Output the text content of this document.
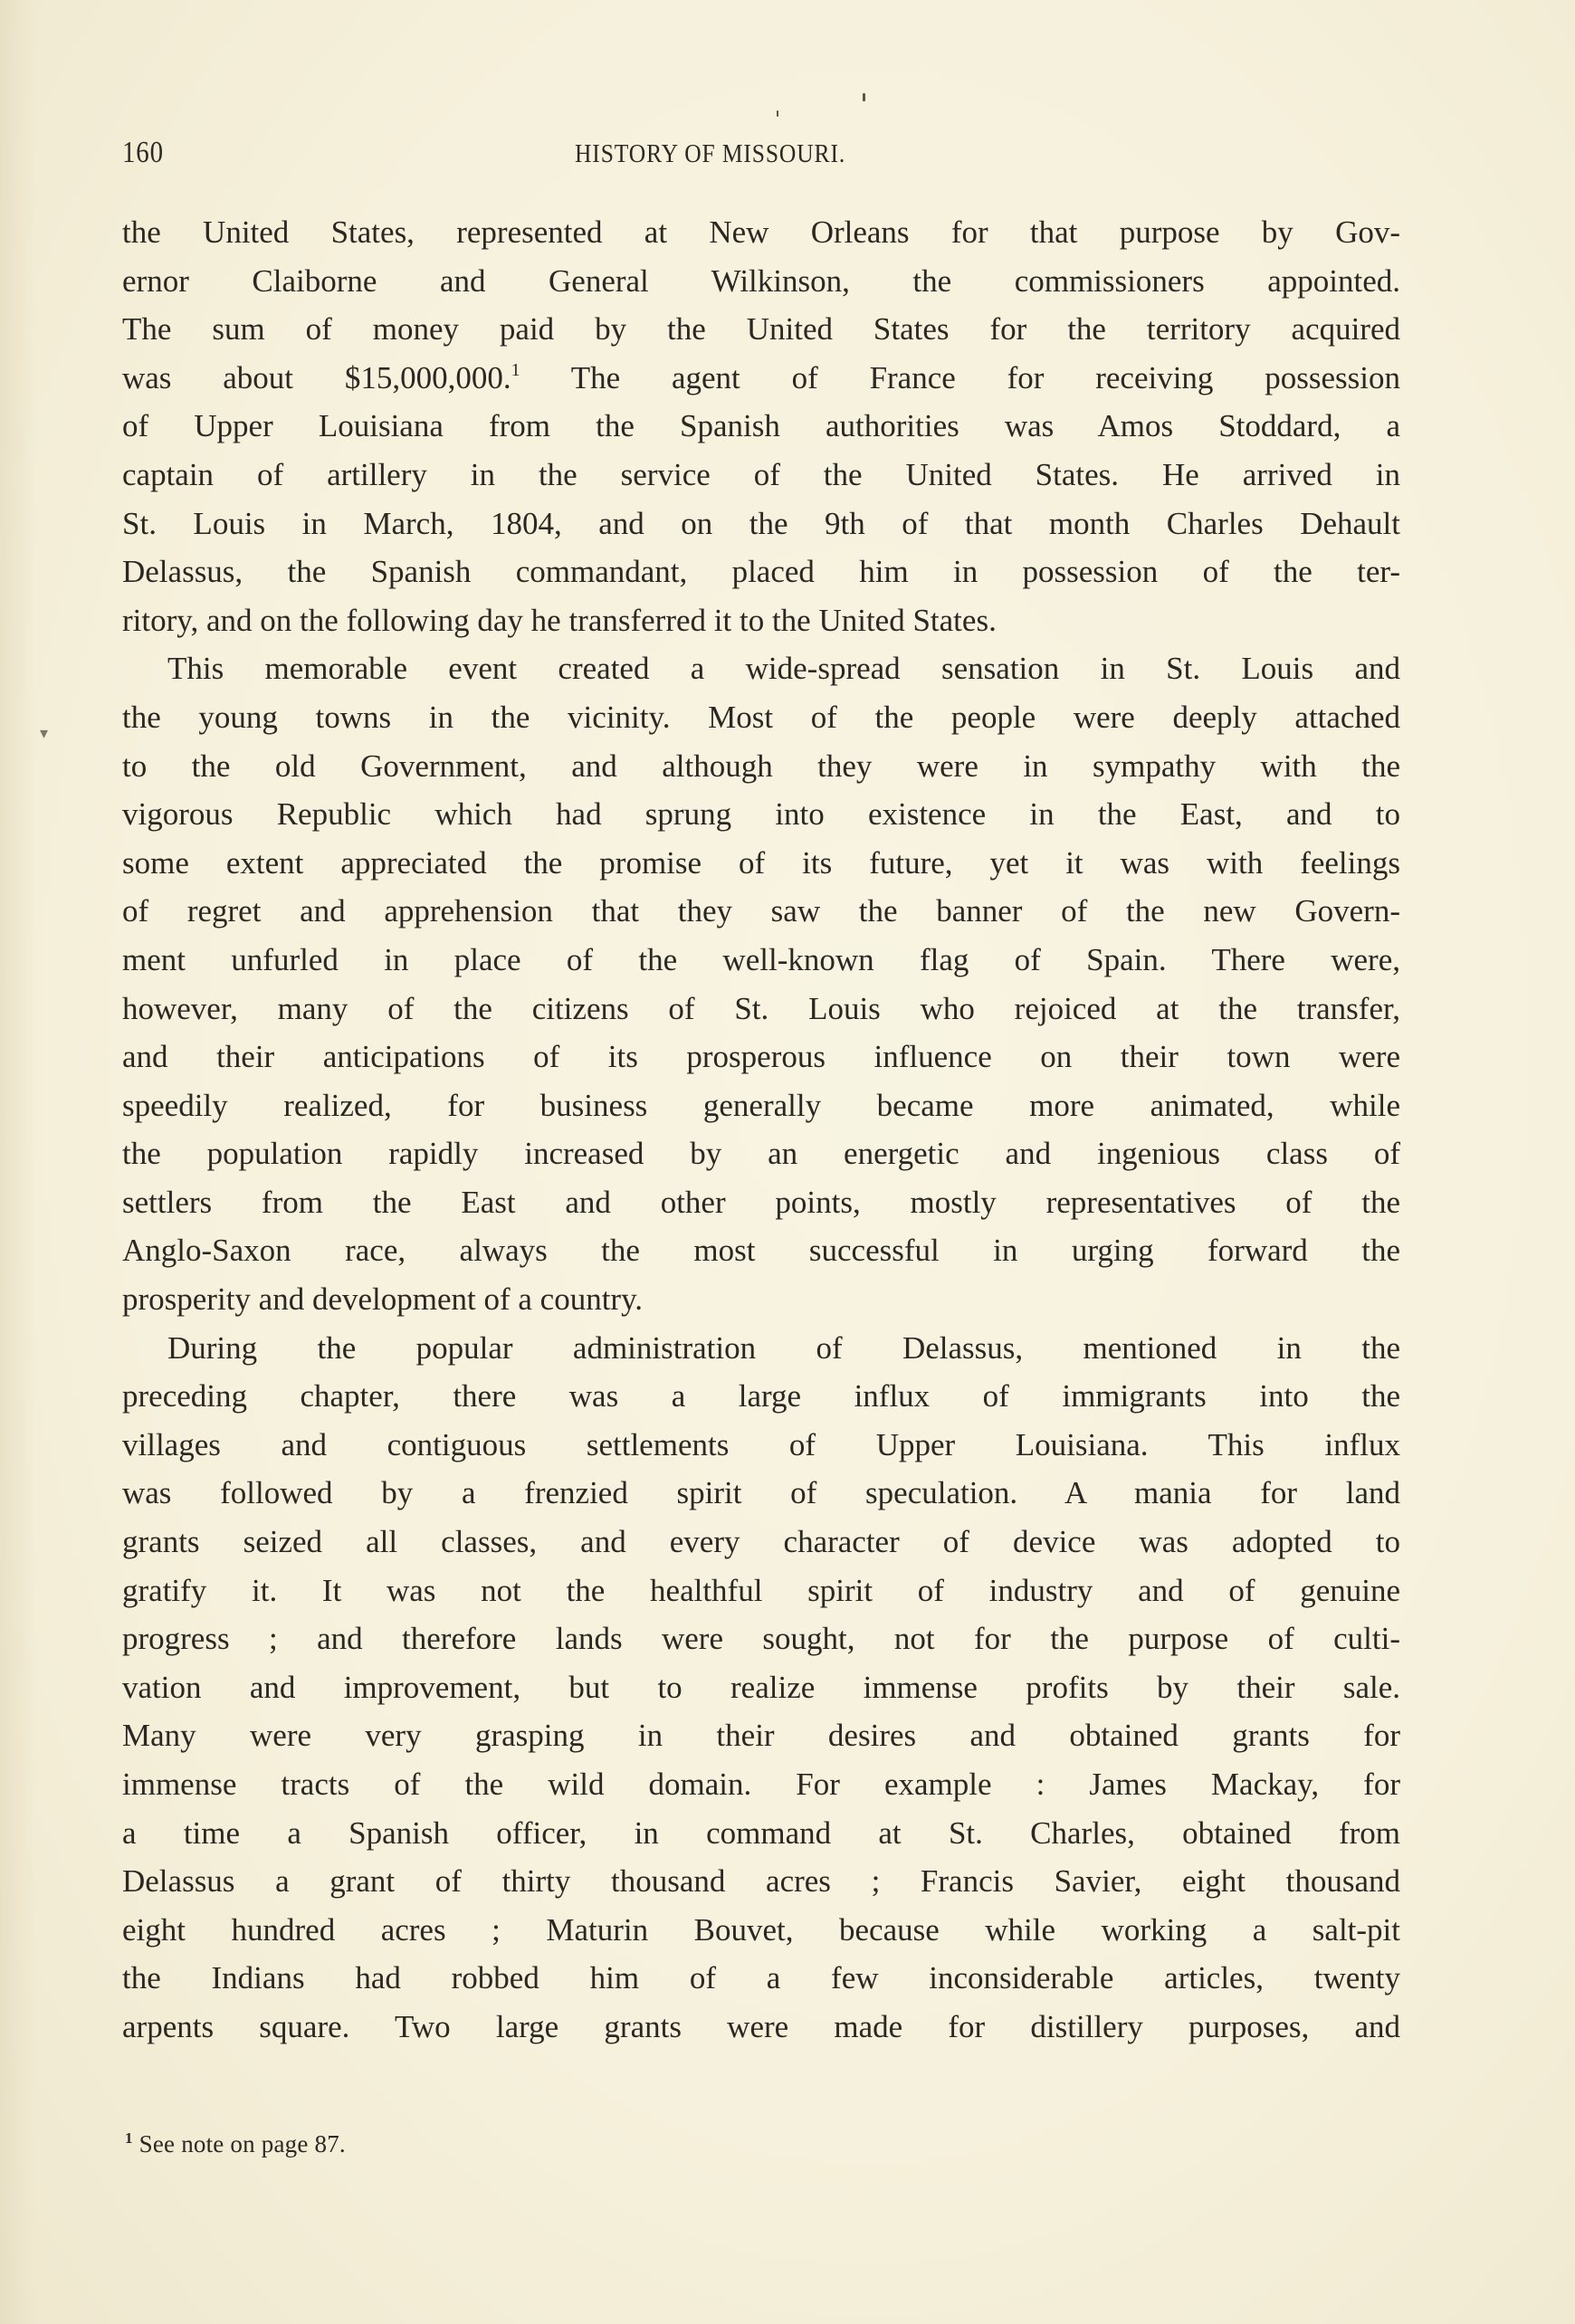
160	HISTORY OF MISSOURI.
▾
the United States, represented at New Orleans for that purpose by Gov-
ernor Claiborne and General Wilkinson, the commissioners appointed.
The sum of money paid by the United States for the territory acquired
was about $15,000,000.$^1$ The agent of France for receiving possession
of Upper Louisiana from the Spanish authorities was Amos Stoddard, a
captain of artillery in the service of the United States. He arrived in
St. Louis in March, 1804, and on the 9th of that month Charles Dehault
Delassus, the Spanish commandant, placed him in possession of the ter-
ritory, and on the following day he transferred it to the United States.
This memorable event created a wide-spread sensation in St. Louis and
the young towns in the vicinity. Most of the people were deeply attached
to the old Government, and although they were in sympathy with the
vigorous Republic which had sprung into existence in the East, and to
some extent appreciated the promise of its future, yet it was with feelings
of regret and apprehension that they saw the banner of the new Govern-
ment unfurled in place of the well-known flag of Spain. There were,
however, many of the citizens of St. Louis who rejoiced at the transfer,
and their anticipations of its prosperous influence on their town were
speedily realized, for business generally became more animated, while
the population rapidly increased by an energetic and ingenious class of
settlers from the East and other points, mostly representatives of the
Anglo-Saxon race, always the most successful in urging forward the
prosperity and development of a country.
During the popular administration of Delassus, mentioned in the
preceding chapter, there was a large influx of immigrants into the
villages and contiguous settlements of Upper Louisiana. This influx
was followed by a frenzied spirit of speculation. A mania for land
grants seized all classes, and every character of device was adopted to
gratify it. It was not the healthful spirit of industry and of genuine
progress ; and therefore lands were sought, not for the purpose of culti-
vation and improvement, but to realize immense profits by their sale.
Many were very grasping in their desires and obtained grants for
immense tracts of the wild domain. For example : James Mackay, for
a time a Spanish officer, in command at St. Charles, obtained from
Delassus a grant of thirty thousand acres ; Francis Savier, eight thousand
eight hundred acres ; Maturin Bouvet, because while working a salt-pit
the Indians had robbed him of a few inconsiderable articles, twenty
arpents square. Two large grants were made for distillery purposes, and
$^1$ See note on page 87.
